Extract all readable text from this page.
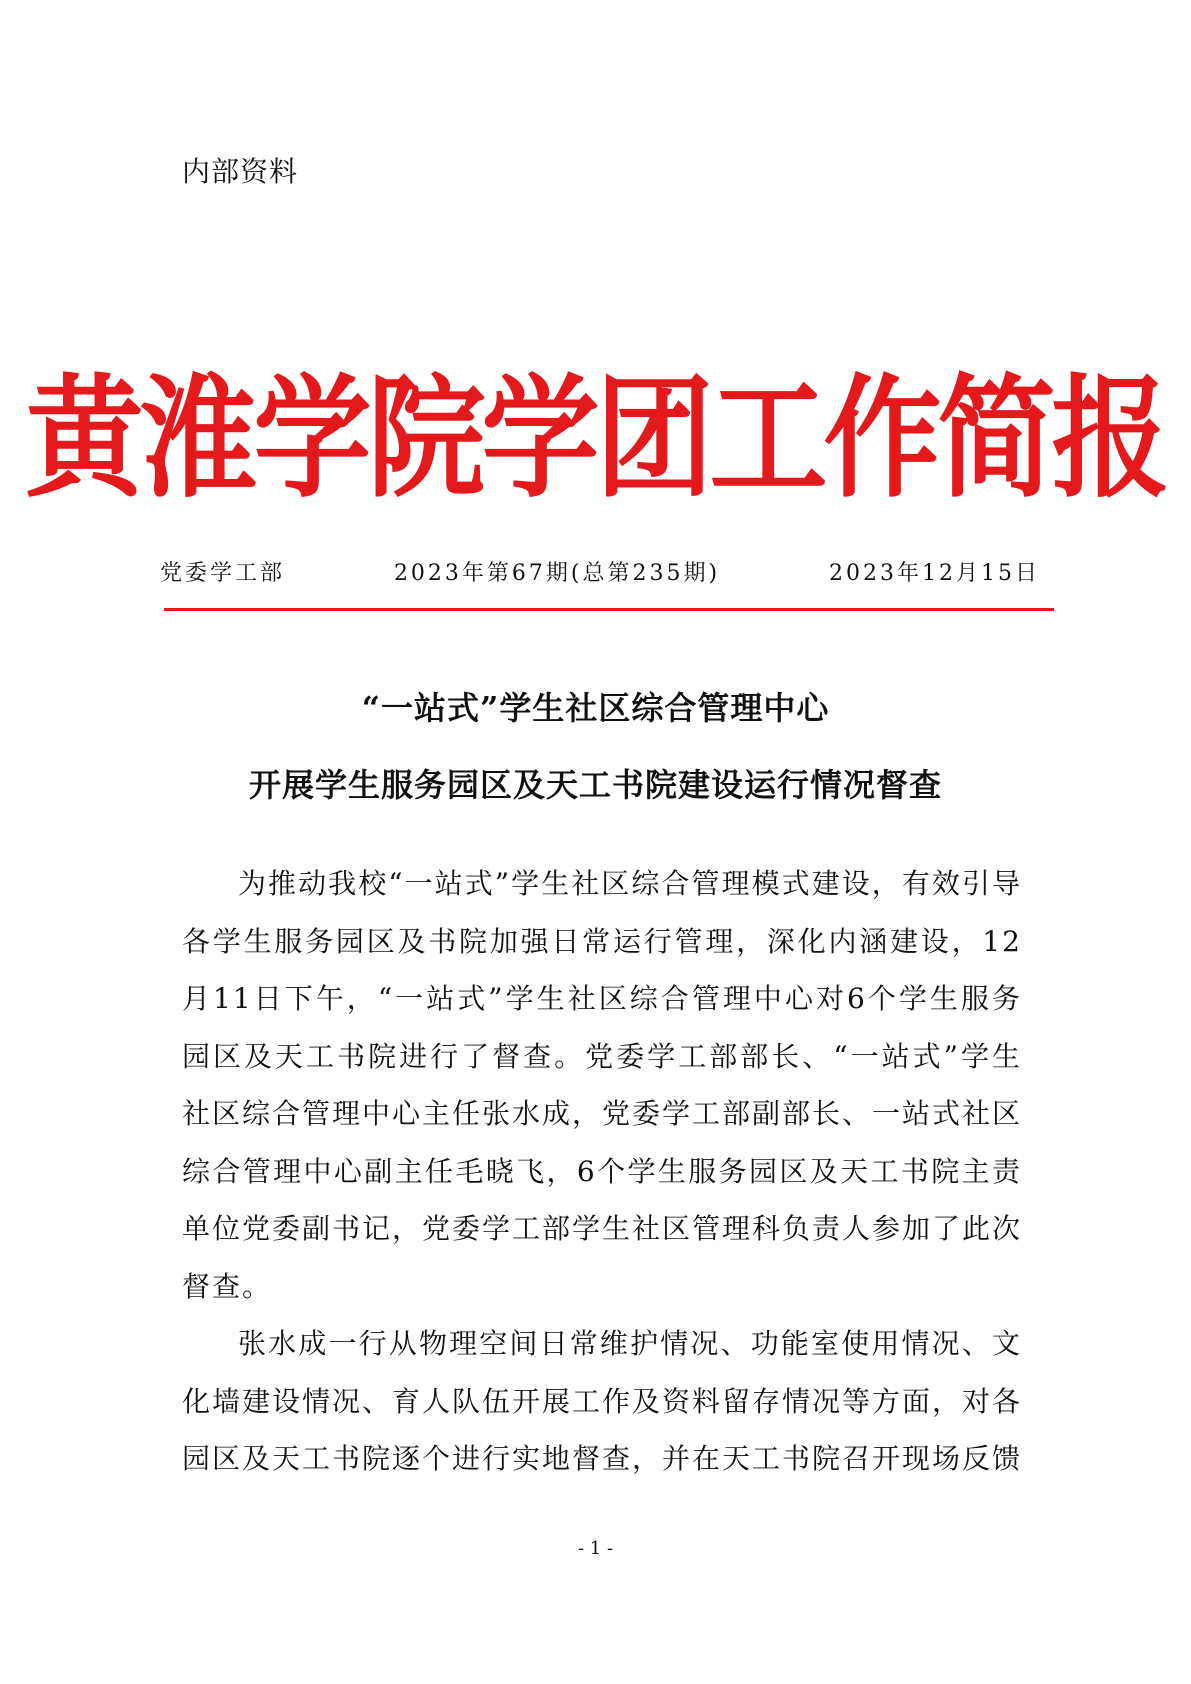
内部资料
黄淮学院学团工作简报
党委学工部	2023年第67期(总第235期)	2023年12月15日
“一站式”学生社区综合管理中心
开展学生服务园区及天工书院建设运行情况督查

为推动我校“一站式”学生社区综合管理模式建设，有效引导各学生服务园区及书院加强日常运行管理，深化内涵建设，12月11日下午，“一站式”学生社区综合管理中心对6个学生服务园区及天工书院进行了督查。党委学工部部长、“一站式”学生社区综合管理中心主任张水成，党委学工部副部长、一站式社区综合管理中心副主任毛晓飞，6个学生服务园区及天工书院主责单位党委副书记，党委学工部学生社区管理科负责人参加了此次督查。

张水成一行从物理空间日常维护情况、功能室使用情况、文化墙建设情况、育人队伍开展工作及资料留存情况等方面，对各园区及天工书院逐个进行实地督查，并在天工书院召开现场反馈

- 1 -
